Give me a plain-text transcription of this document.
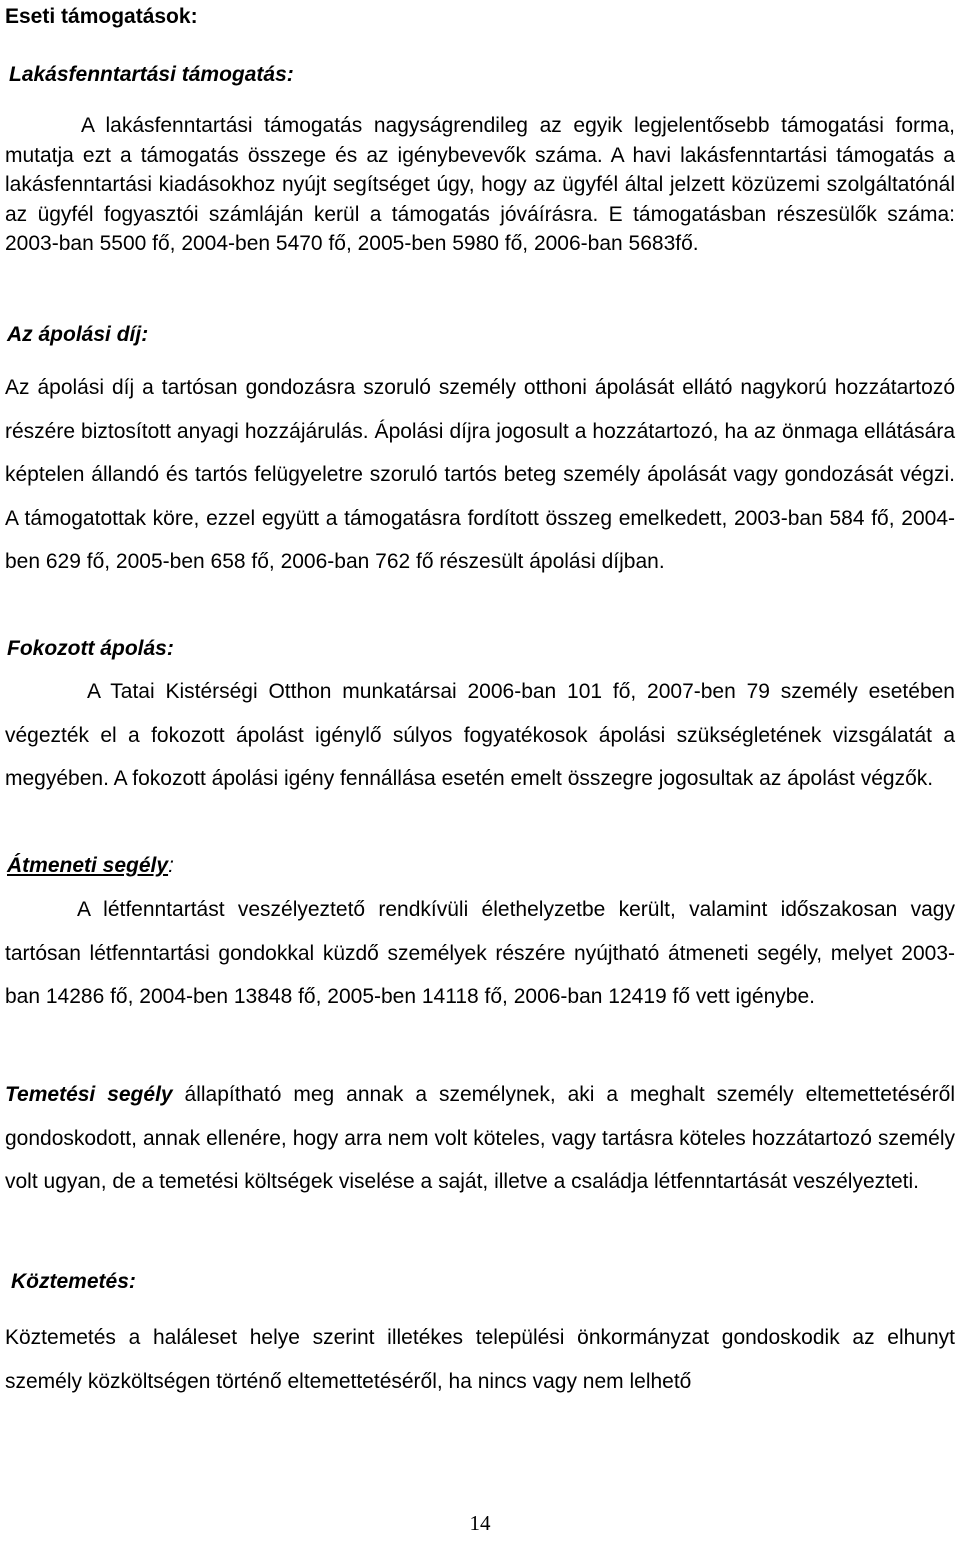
Eseti támogatások:
Lakásfenntartási támogatás:

A lakásfenntartási támogatás nagyságrendileg az egyik legjelentősebb támogatási forma, mutatja ezt a támogatás összege és az igénybevevők száma. A havi lakásfenntartási támogatás a lakásfenntartási kiadásokhoz nyújt segítséget úgy, hogy az ügyfél által jelzett közüzemi szolgáltatónál az ügyfél fogyasztói számláján kerül a támogatás jóváírásra. E támogatásban részesülők száma: 2003-ban 5500 fő, 2004-ben 5470 fő, 2005-ben 5980 fő, 2006-ban 5683fő.

Az ápolási díj:

Az ápolási díj a tartósan gondozásra szoruló személy otthoni ápolását ellátó nagykorú hozzátartozó részére biztosított anyagi hozzájárulás. Ápolási díjra jogosult a hozzátartozó, ha az önmaga ellátására képtelen állandó és tartós felügyeletre szoruló tartós beteg személy ápolását vagy gondozását végzi. A támogatottak köre, ezzel együtt a támogatásra fordított összeg emelkedett, 2003-ban 584 fő, 2004-ben 629 fő, 2005-ben 658 fő, 2006-ban 762 fő részesült ápolási díjban.

Fokozott ápolás:

A Tatai Kistérségi Otthon munkatársai 2006-ban 101 fő, 2007-ben 79 személy esetében végezték el a fokozott ápolást igénylő súlyos fogyatékosok ápolási szükségletének vizsgálatát a megyében. A fokozott ápolási igény fennállása esetén emelt összegre jogosultak az ápolást végzők.

Átmeneti segély:

A létfenntartást veszélyeztető rendkívüli élethelyzetbe került, valamint időszakosan vagy tartósan létfenntartási gondokkal küzdő személyek részére nyújtható átmeneti segély, melyet 2003-ban 14286 fő, 2004-ben 13848 fő, 2005-ben 14118 fő, 2006-ban 12419 fő vett igénybe.

Temetési segély állapítható meg annak a személynek, aki a meghalt személy eltemettetéséről gondoskodott, annak ellenére, hogy arra nem volt köteles, vagy tartásra köteles hozzátartozó személy volt ugyan, de a temetési költségek viselése a saját, illetve a családja létfenntartását veszélyezteti.

Köztemetés:

Köztemetés a haláleset helye szerint illetékes települési önkormányzat gondoskodik az elhunyt személy közköltségen történő eltemettetéséről, ha nincs vagy nem lelhető

14
